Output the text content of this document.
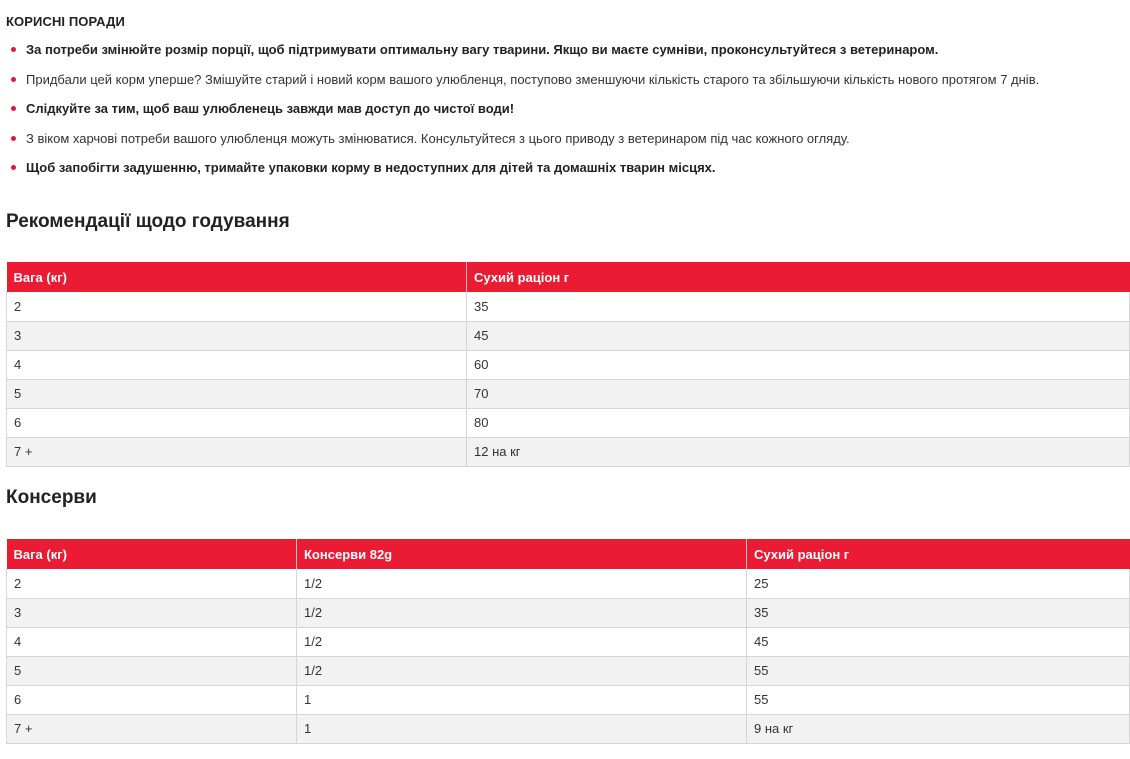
КОРИСНІ ПОРАДИ
За потреби змінюйте розмір порції, щоб підтримувати оптимальну вагу тварини. Якщо ви маєте сумніви, проконсультуйтеся з ветеринаром.
Придбали цей корм уперше? Змішуйте старий і новий корм вашого улюбленця, поступово зменшуючи кількість старого та збільшуючи кількість нового протягом 7 днів.
Слідкуйте за тим, щоб ваш улюбленець завжди мав доступ до чистої води!
З віком харчові потреби вашого улюбленця можуть змінюватися. Консультуйтеся з цього приводу з ветеринаром під час кожного огляду.
Щоб запобігти задушенню, тримайте упаковки корму в недоступних для дітей та домашніх тварин місцях.
Рекомендації щодо годування
Вага (кг)	Сухий раціон г
2	35
3	45
4	60
5	70
6	80
7 +	12 на кг
Консерви
Вага (кг)	Консерви 82g	Сухий раціон г
2	1/2	25
3	1/2	35
4	1/2	45
5	1/2	55
6	1	55
7 +	1	9 на кг
